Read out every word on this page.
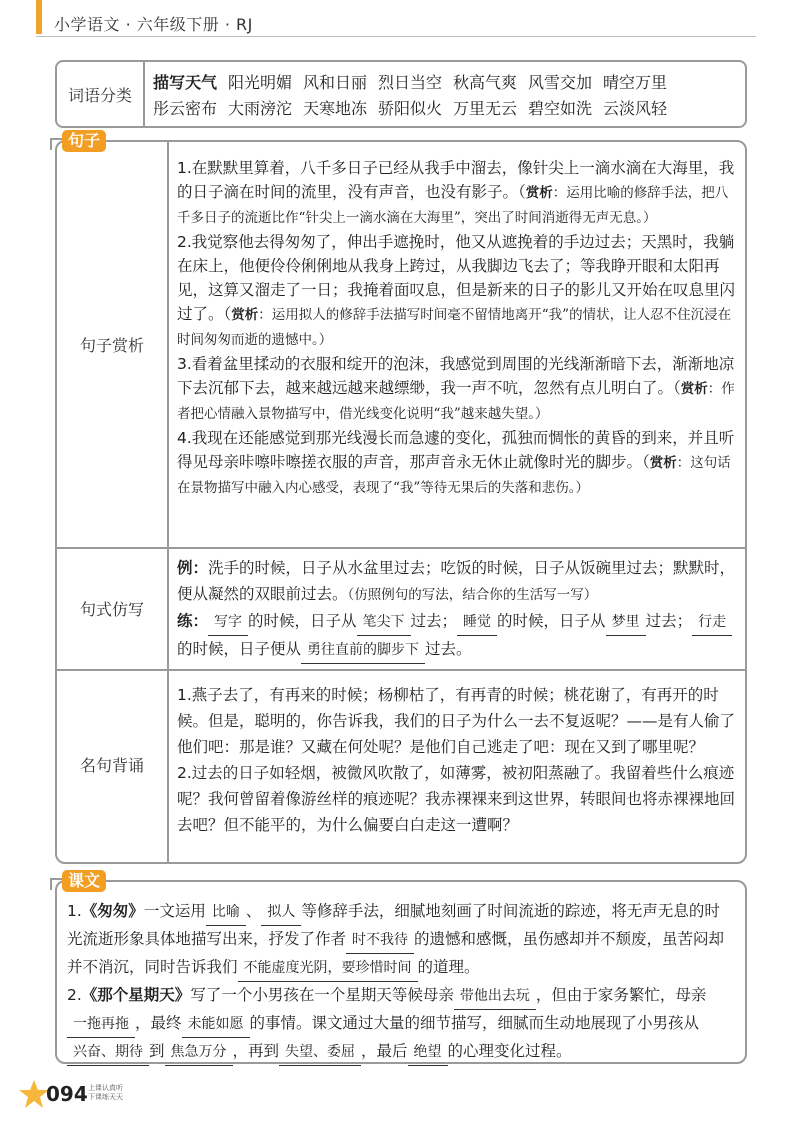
小学语文 · 六年级下册 · RJ
词语分类
描写天气 阳光明媚 风和日丽 烈日当空 秋高气爽 风雪交加 晴空万里
彤云密布 大雨滂沱 天寒地冻 骄阳似火 万里无云 碧空如洗 云淡风轻
句子赏析
1.在默默里算着，八千多日子已经从我手中溜去，像针尖上一滴水滴在大海里，我的日子滴在时间的流里，没有声音，也没有影子。（赏析：运用比喻的修辞手法，把八千多日子的流逝比作“针尖上一滴水滴在大海里”，突出了时间消逝得无声无息。）
2.我觉察他去得匆匆了，伸出手遮挽时，他又从遮挽着的手边过去；天黑时，我躺在床上，他便伶伶俐俐地从我身上跨过，从我脚边飞去了；等我睁开眼和太阳再见，这算又溜走了一日；我掩着面叹息，但是新来的日子的影儿又开始在叹息里闪过了。（赏析：运用拟人的修辞手法描写时间毫不留情地离开“我”的情状，让人忍不住沉浸在时间匆匆而逝的遗憾中。）
3.看着盆里揉动的衣服和绽开的泡沫，我感觉到周围的光线渐渐暗下去，渐渐地凉下去沉郁下去，越来越远越来越缥缈，我一声不吭，忽然有点儿明白了。（赏析：作者把心情融入景物描写中，借光线变化说明“我”越来越失望。）
4.我现在还能感觉到那光线漫长而急遽的变化，孤独而惆怅的黄昏的到来，并且听得见母亲咔嚓咔嚓搓衣服的声音，那声音永无休止就像时光的脚步。（赏析：这句话在景物描写中融入内心感受，表现了“我”等待无果后的失落和悲伤。）
句式仿写
例：洗手的时候，日子从水盆里过去；吃饭的时候，日子从饭碗里过去；默默时，便从凝然的双眼前过去。（仿照例句的写法，结合你的生活写一写）
练： 写字 的时候，日子从 笔尖下 过去； 睡觉 的时候，日子从 梦里 过去； 行走的时候，日子便从 勇往直前的脚步下 过去。
名句背诵
1.燕子去了，有再来的时候；杨柳枯了，有再青的时候；桃花谢了，有再开的时候。但是，聪明的，你告诉我，我们的日子为什么一去不复返呢？——是有人偷了他们吧：那是谁？又藏在何处呢？是他们自己逃走了吧：现在又到了哪里呢？
2.过去的日子如轻烟，被微风吹散了，如薄雾，被初阳蒸融了。我留着些什么痕迹呢？我何曾留着像游丝样的痕迹呢？我赤裸裸来到这世界，转眼间也将赤裸裸地回去吧？但不能平的，为什么偏要白白走这一遭啊？
句子
1.《匆匆》一文运用 比喻 、 拟人 等修辞手法，细腻地刻画了时间流逝的踪迹，将无声无息的时光流逝形象具体地描写出来，抒发了作者 时不我待 的遗憾和感慨，虽伤感却并不颓废，虽苦闷却并不消沉，同时告诉我们 不能虚度光阴，要珍惜时间 的道理。
2.《那个星期天》写了一个小男孩在一个星期天等候母亲 带他出去玩 ，但由于家务繁忙，母亲一拖再拖 ，最终 未能如愿 的事情。课文通过大量的细节描写，细腻而生动地展现了小男孩从兴奋、期待 到 焦急万分 ，再到 失望、委屈 ，最后 绝望 的心理变化过程。
课文
094 上课认真听
下课练天天
